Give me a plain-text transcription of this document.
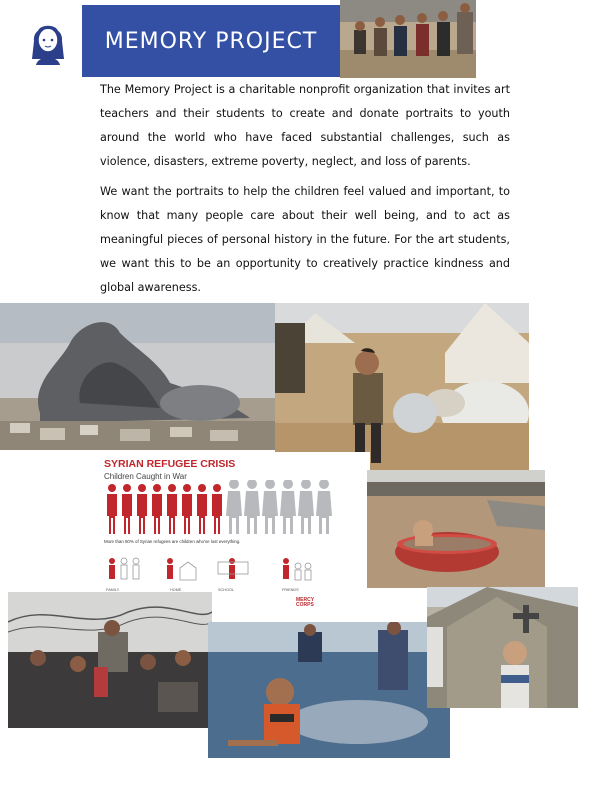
MEMORY PROJECT

The Memory Project is a charitable nonprofit organization that invites art teachers and their students to create and donate portraits to youth around the world who have faced substantial challenges, such as violence, disasters, extreme poverty, neglect, and loss of parents.

We want the portraits to help the children feel valued and important, to know that many people care about their well being, and to act as meaningful pieces of personal history in the future. For the art students, we want this to be an opportunity to creatively practice kindness and global awareness.

SYRIAN REFUGEE CRISIS
Children Caught in War
More than 50% of Syrian refugees are children who've lost everything.
FAMILY	HOME	SCHOOL	FRIENDS
MERCY
CORPS
